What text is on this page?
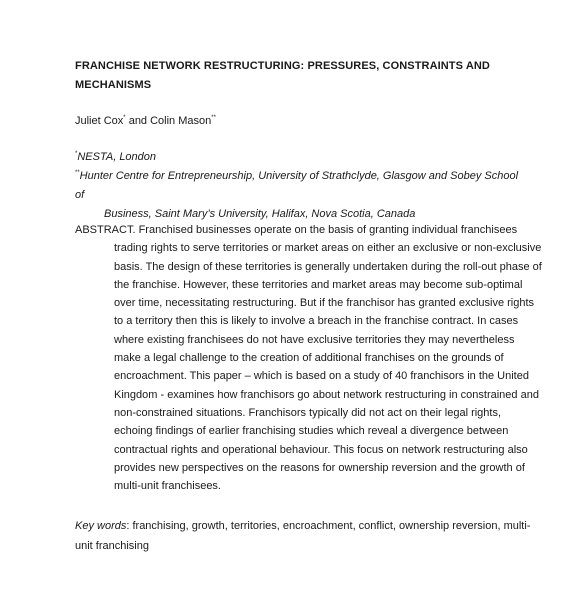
FRANCHISE NETWORK RESTRUCTURING: PRESSURES, CONSTRAINTS AND
MECHANISMS
Juliet Cox* and Colin Mason**
*NESTA, London
**Hunter Centre for Entrepreneurship, University of Strathclyde, Glasgow and Sobey School of
Business, Saint Mary’s University, Halifax, Nova Scotia, Canada
ABSTRACT. Franchised businesses operate on the basis of granting individual franchisees
trading rights to serve territories or market areas on either an exclusive or non-exclusive
basis. The design of these territories is generally undertaken during the roll-out phase of
the franchise. However, these territories and market areas may become sub-optimal
over time, necessitating restructuring. But if the franchisor has granted exclusive rights
to a territory then this is likely to involve a breach in the franchise contract. In cases
where existing franchisees do not have exclusive territories they may nevertheless
make a legal challenge to the creation of additional franchises on the grounds of
encroachment. This paper – which is based on a study of 40 franchisors in the United
Kingdom - examines how franchisors go about network restructuring in constrained and
non-constrained situations. Franchisors typically did not act on their legal rights,
echoing findings of earlier franchising studies which reveal a divergence between
contractual rights and operational behaviour. This focus on network restructuring also
provides new perspectives on the reasons for ownership reversion and the growth of
multi-unit franchisees.
Key words: franchising, growth, territories, encroachment, conflict, ownership reversion, multi-
unit franchising
